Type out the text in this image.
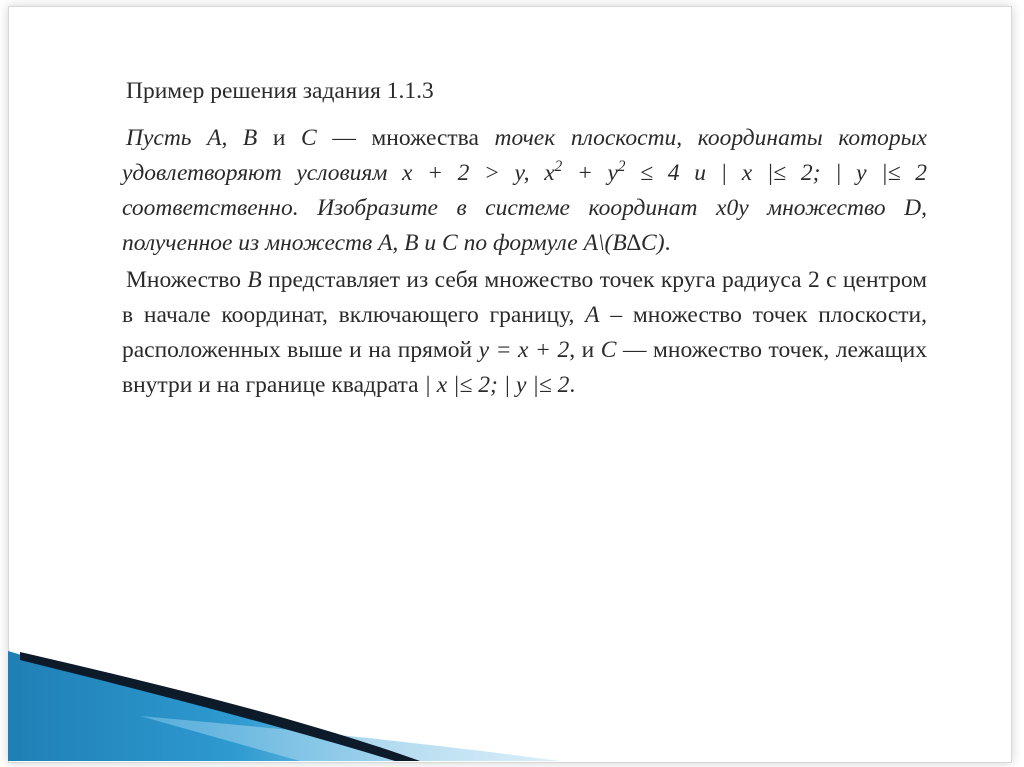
Пример решения задания 1.1.3

Пусть A, B и C — множества точек плоскости, координаты которых удовлетворяют условиям x + 2 > y, $x^2 + y^2 \le 4$ и | x |≤ 2; | y |≤ 2 соответственно. Изобразите в системе координат x0y множество D, полученное из множеств A, B и C по формуле A\(B∆C).

Множество B представляет из себя множество точек круга радиуса 2 с центром в начале координат, включающего границу, A – множество точек плоскости, расположенных выше и на прямой y = x + 2, и C — множество точек, лежащих внутри и на границе квадрата | x |≤ 2; | y |≤ 2.
